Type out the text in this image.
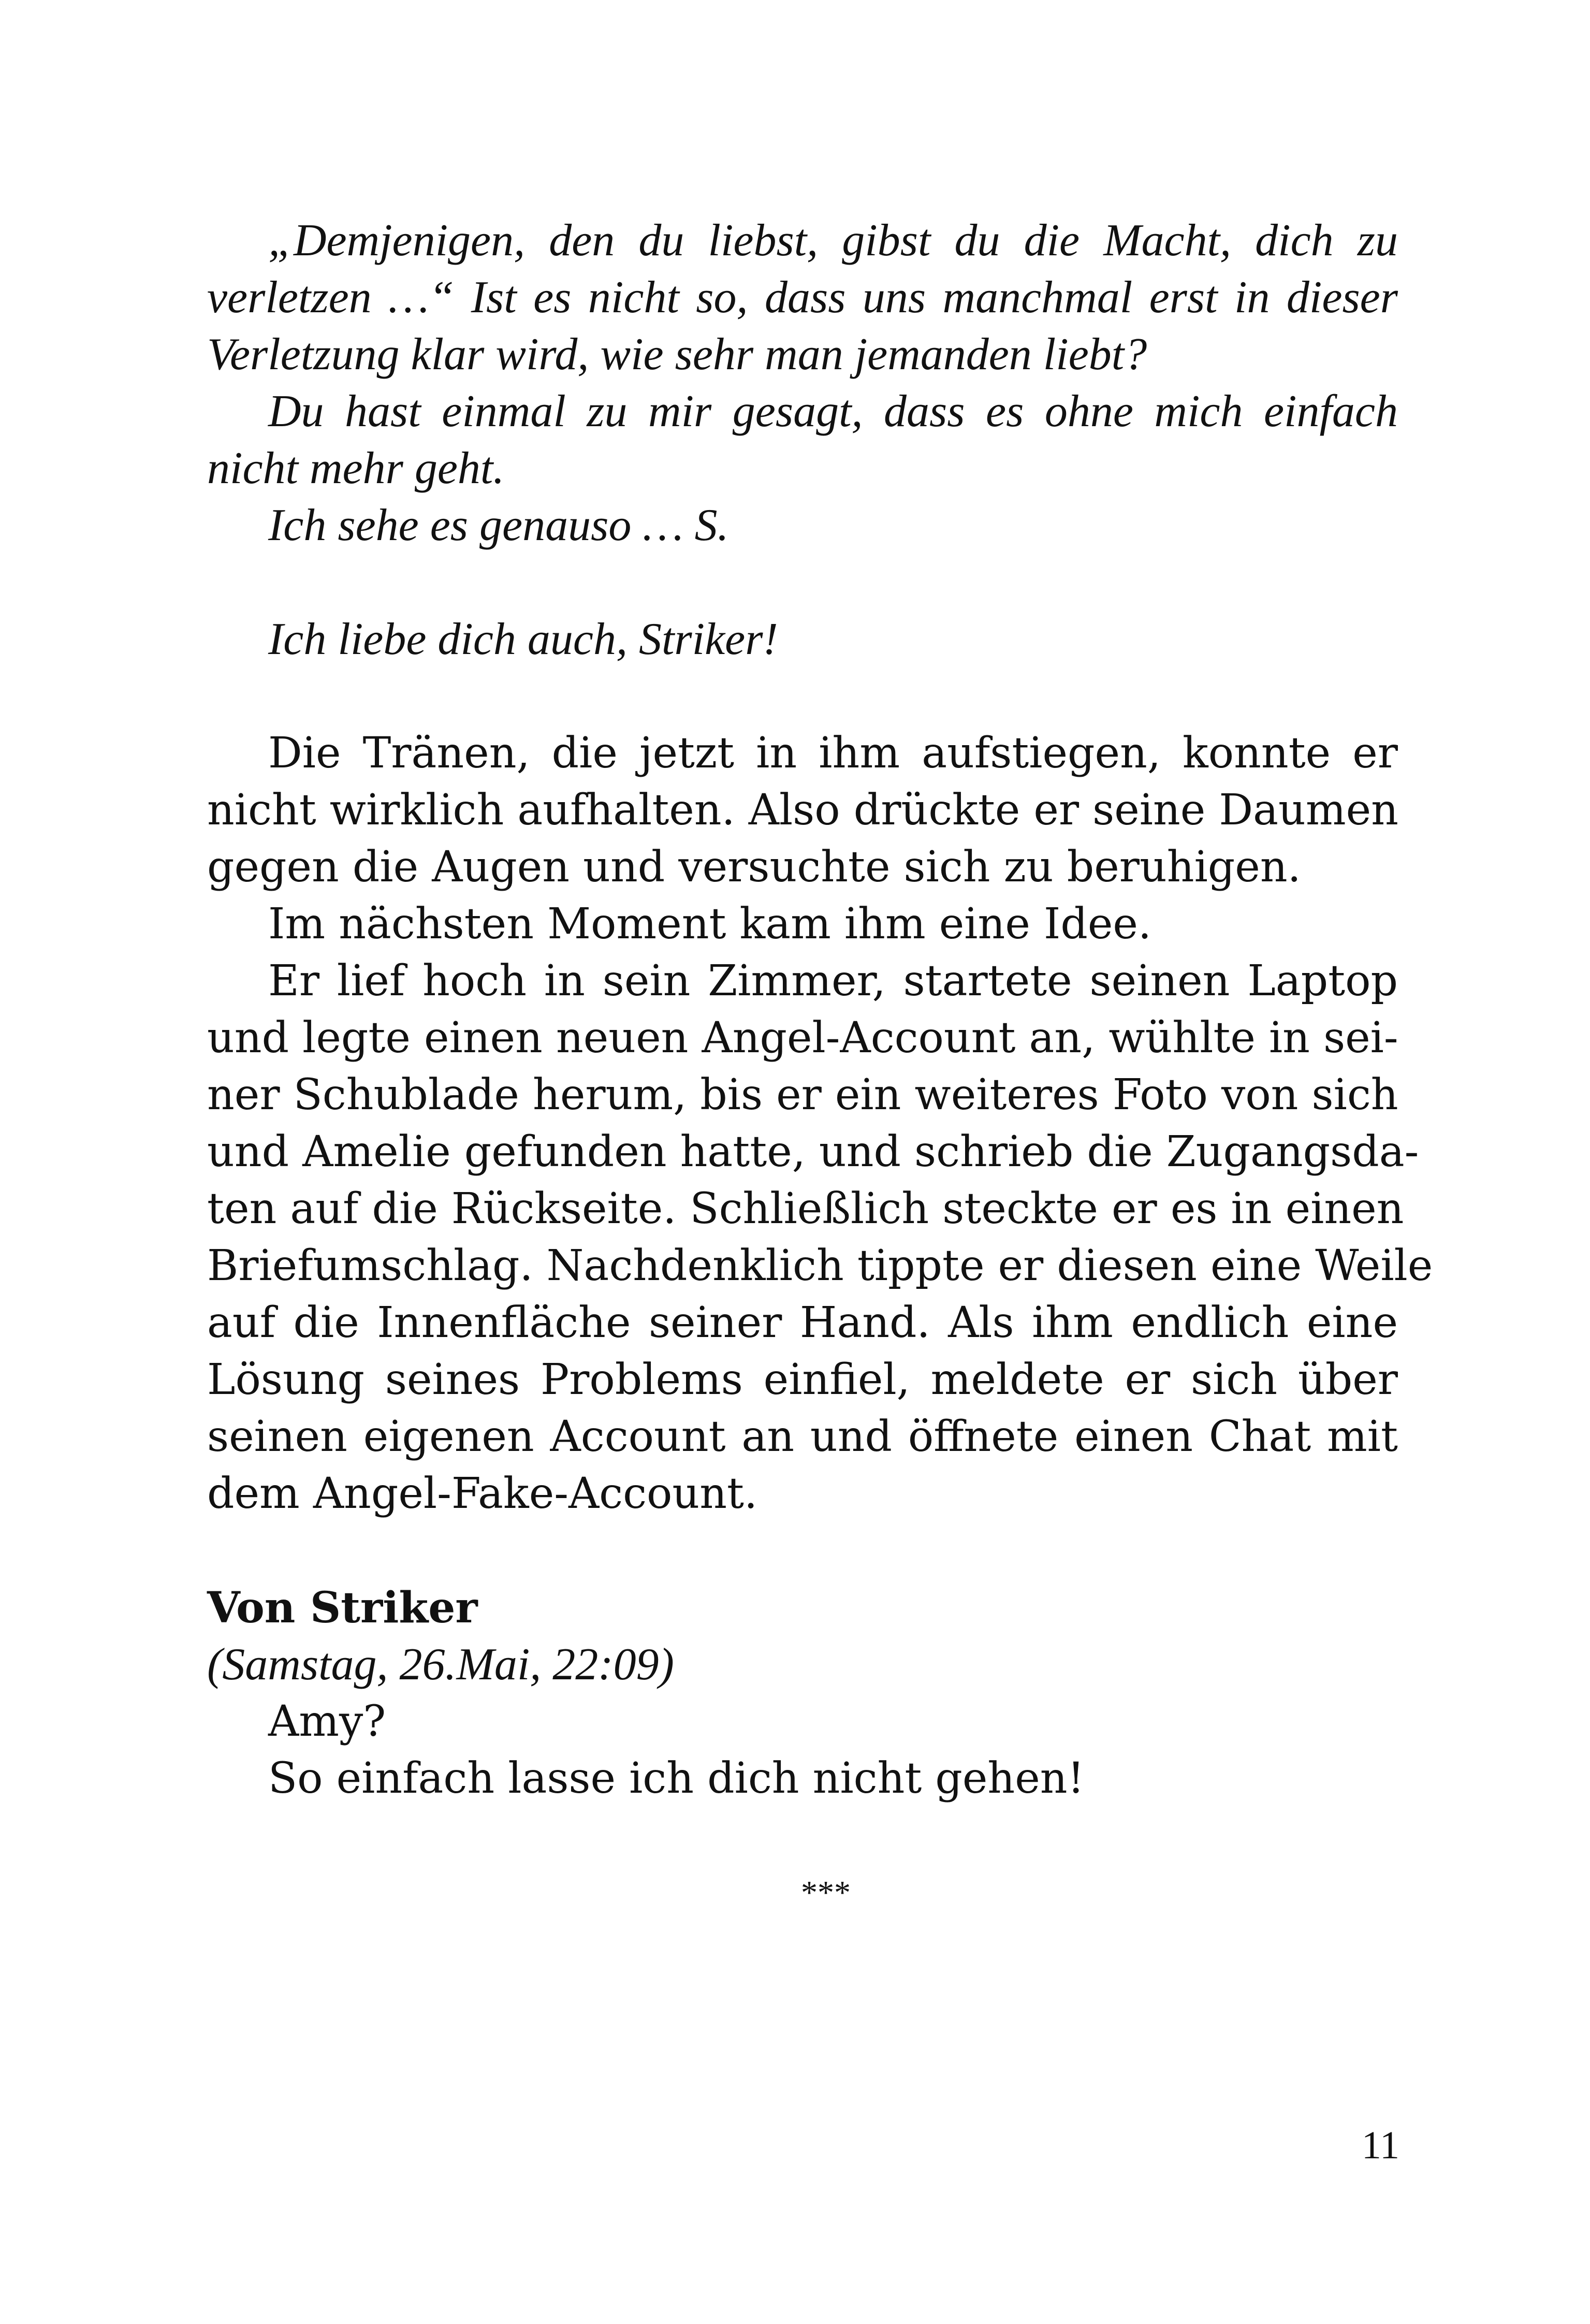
„Demjenigen, den du liebst, gibst du die Macht, dich zu
verletzen …“ Ist es nicht so, dass uns manchmal erst in dieser
Verletzung klar wird, wie sehr man jemanden liebt?
Du hast einmal zu mir gesagt, dass es ohne mich einfach
nicht mehr geht.
Ich sehe es genauso … S.
Ich liebe dich auch, Striker!
Die Tränen, die jetzt in ihm aufstiegen, konnte er
nicht wirklich aufhalten. Also drückte er seine Daumen
gegen die Augen und versuchte sich zu beruhigen.
Im nächsten Moment kam ihm eine Idee.
Er lief hoch in sein Zimmer, startete seinen Laptop
und legte einen neuen Angel-Account an, wühlte in sei-
ner Schublade herum, bis er ein weiteres Foto von sich
und Amelie gefunden hatte, und schrieb die Zugangsda-
ten auf die Rückseite. Schließlich steckte er es in einen
Briefumschlag. Nachdenklich tippte er diesen eine Weile
auf die Innenfläche seiner Hand. Als ihm endlich eine
Lösung seines Problems einfiel, meldete er sich über
seinen eigenen Account an und öffnete einen Chat mit
dem Angel-Fake-Account.
Von Striker
(Samstag, 26.Mai, 22:09)
Amy?
So einfach lasse ich dich nicht gehen!
***
11
